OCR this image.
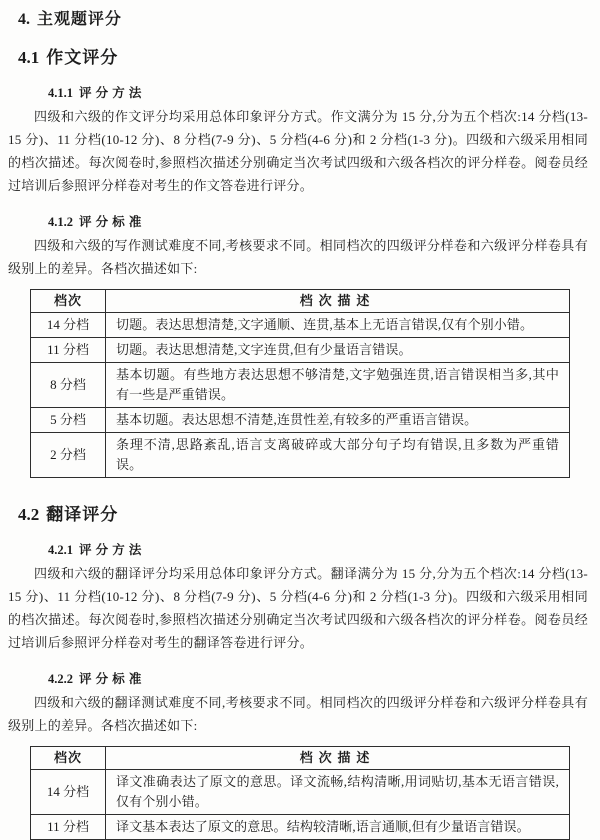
4. 主观题评分
4.1 作文评分
4.1.1 评分方法

四级和六级的作文评分均采用总体印象评分方式。作文满分为 15 分,分为五个档次:14 分档(13-15 分)、11 分档(10-12 分)、8 分档(7-9 分)、5 分档(4-6 分)和 2 分档(1-3 分)。四级和六级采用相同的档次描述。每次阅卷时,参照档次描述分别确定当次考试四级和六级各档次的评分样卷。阅卷员经过培训后参照评分样卷对考生的作文答卷进行评分。

4.1.2 评分标准

四级和六级的写作测试难度不同,考核要求不同。相同档次的四级评分样卷和六级评分样卷具有级别上的差异。各档次描述如下:

档次	档次描述
14 分档	切题。表达思想清楚,文字通顺、连贯,基本上无语言错误,仅有个别小错。
11 分档	切题。表达思想清楚,文字连贯,但有少量语言错误。
8 分档	基本切题。有些地方表达思想不够清楚,文字勉强连贯,语言错误相当多,其中有一些是严重错误。
5 分档	基本切题。表达思想不清楚,连贯性差,有较多的严重语言错误。
2 分档	条理不清,思路紊乱,语言支离破碎或大部分句子均有错误,且多数为严重错误。
4.2 翻译评分
4.2.1 评分方法

四级和六级的翻译评分均采用总体印象评分方式。翻译满分为 15 分,分为五个档次:14 分档(13-15 分)、11 分档(10-12 分)、8 分档(7-9 分)、5 分档(4-6 分)和 2 分档(1-3 分)。四级和六级采用相同的档次描述。每次阅卷时,参照档次描述分别确定当次考试四级和六级各档次的评分样卷。阅卷员经过培训后参照评分样卷对考生的翻译答卷进行评分。

4.2.2 评分标准

四级和六级的翻译测试难度不同,考核要求不同。相同档次的四级评分样卷和六级评分样卷具有级别上的差异。各档次描述如下:

档次	档次描述
14 分档	译文准确表达了原文的意思。译文流畅,结构清晰,用词贴切,基本无语言错误,仅有个别小错。
11 分档	译文基本表达了原文的意思。结构较清晰,语言通顺,但有少量语言错误。
